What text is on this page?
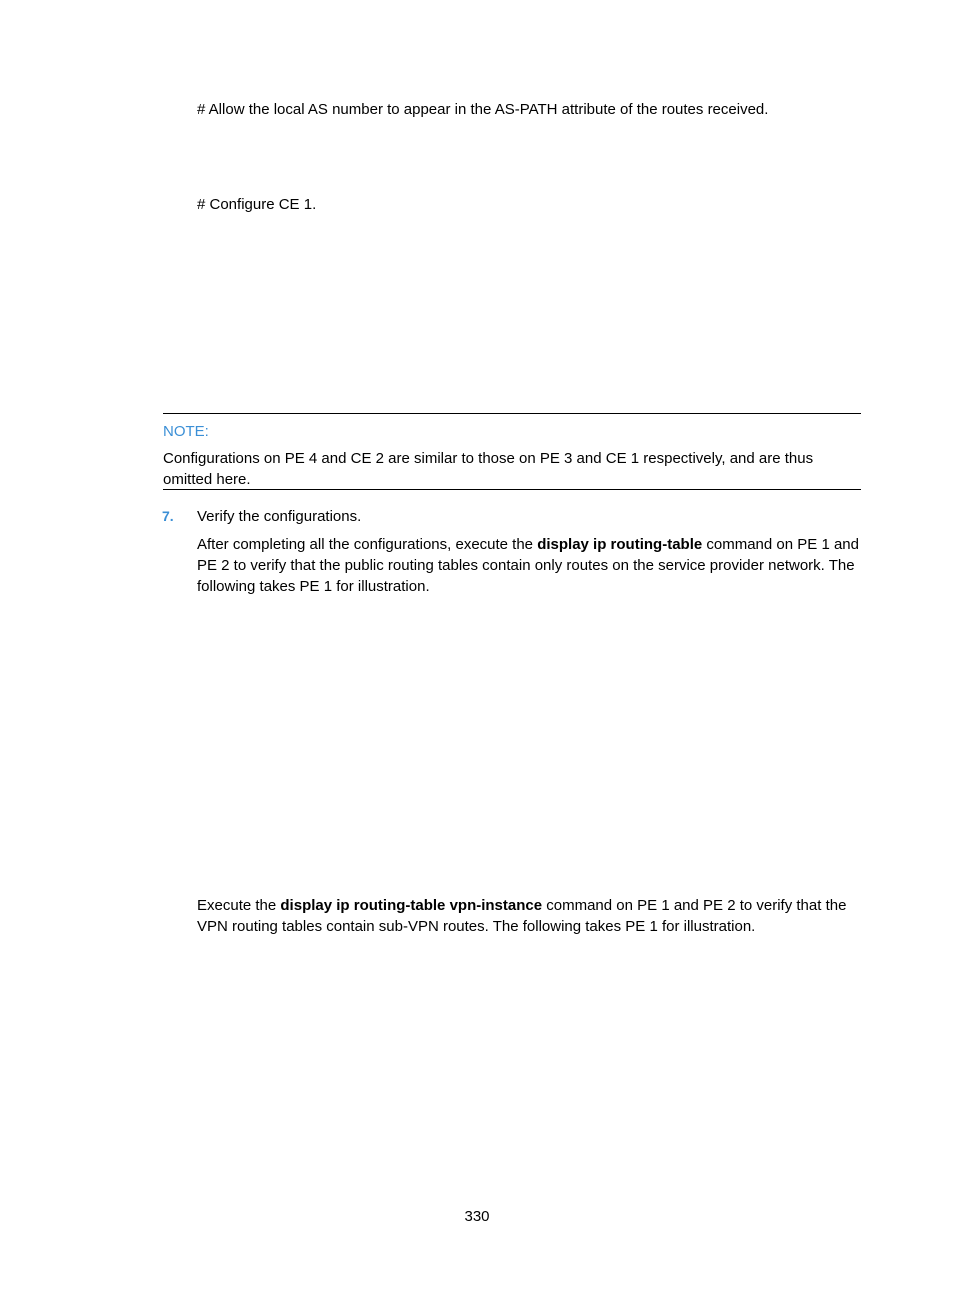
# Allow the local AS number to appear in the AS-PATH attribute of the routes received.
# Configure CE 1.
NOTE:
Configurations on PE 4 and CE 2 are similar to those on PE 3 and CE 1 respectively, and are thus omitted here.
7. Verify the configurations.
After completing all the configurations, execute the display ip routing-table command on PE 1 and PE 2 to verify that the public routing tables contain only routes on the service provider network. The following takes PE 1 for illustration.
Execute the display ip routing-table vpn-instance command on PE 1 and PE 2 to verify that the VPN routing tables contain sub-VPN routes. The following takes PE 1 for illustration.
330
